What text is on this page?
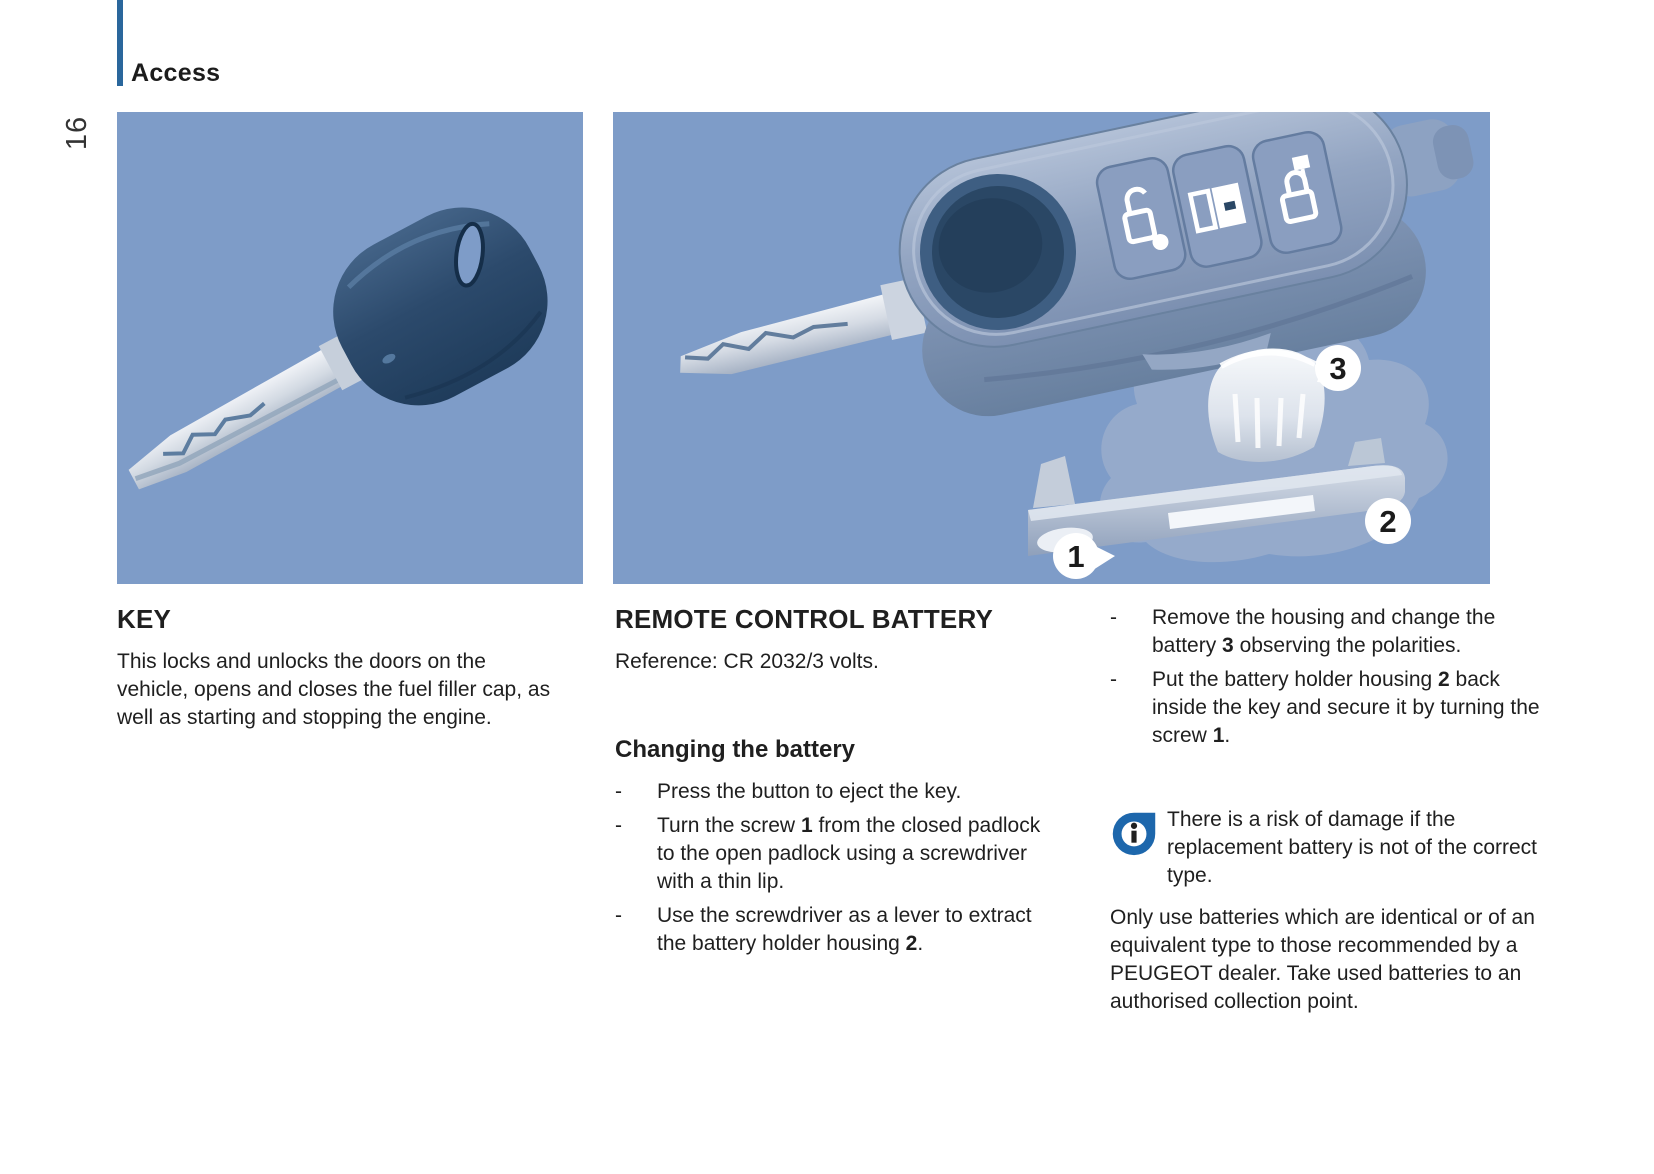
Access
16
1
2
3
KEY

This locks and unlocks the doors on the vehicle, opens and closes the fuel filler cap, as well as starting and stopping the engine.

REMOTE CONTROL BATTERY

Reference: CR 2032/3 volts.

Changing the battery
-	Press the button to eject the key.
-	Turn the screw 1 from the closed padlock to the open padlock using a screwdriver with a thin lip.
-	Use the screwdriver as a lever to extract the battery holder housing 2.
-	Remove the housing and change the battery 3 observing the polarities.
-	Put the battery holder housing 2 back inside the key and secure it by turning the screw 1.
There is a risk of damage if the replacement battery is not of the correct type.

Only use batteries which are identical or of an equivalent type to those recommended by a PEUGEOT dealer. Take used batteries to an authorised collection point.
